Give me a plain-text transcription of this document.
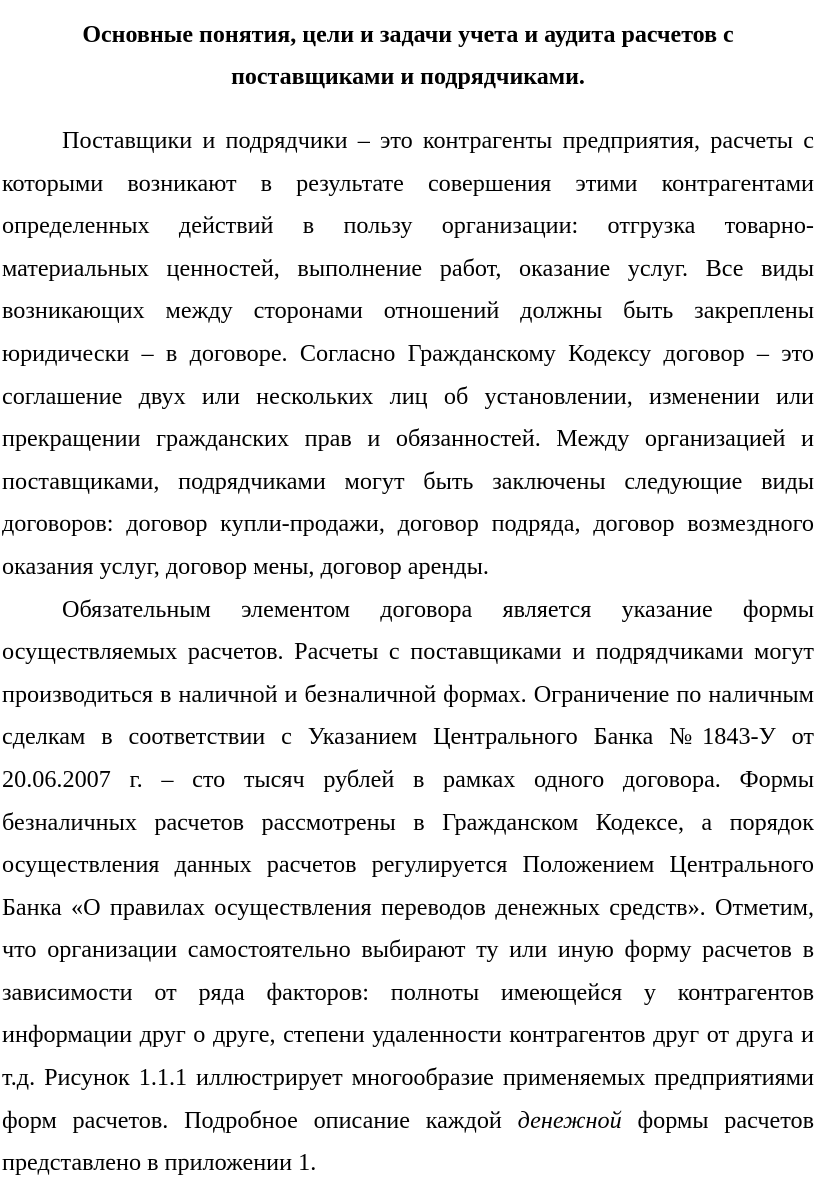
Основные понятия, цели и задачи учета и аудита расчетов с
поставщиками и подрядчиками.

Поставщики и подрядчики – это контрагенты предприятия, расчеты с которыми возникают в результате совершения этими контрагентами определенных действий в пользу организации: отгрузка товарно-материальных ценностей, выполнение работ, оказание услуг. Все виды возникающих между сторонами отношений должны быть закреплены юридически – в договоре. Согласно Гражданскому Кодексу договор – это соглашение двух или нескольких лиц об установлении, изменении или прекращении гражданских прав и обязанностей. Между организацией и поставщиками, подрядчиками могут быть заключены следующие виды договоров: договор купли-продажи, договор подряда, договор возмездного оказания услуг, договор мены, договор аренды.

Обязательным элементом договора является указание формы осуществляемых расчетов. Расчеты с поставщиками и подрядчиками могут производиться в наличной и безналичной формах. Ограничение по наличным сделкам в соответствии с Указанием Центрального Банка №1843-У от 20.06.2007 г. – сто тысяч рублей в рамках одного договора. Формы безналичных расчетов рассмотрены в Гражданском Кодексе, а порядок осуществления данных расчетов регулируется Положением Центрального Банка «О правилах осуществления переводов денежных средств». Отметим, что организации самостоятельно выбирают ту или иную форму расчетов в зависимости от ряда факторов: полноты имеющейся у контрагентов информации друг о друге, степени удаленности контрагентов друг от друга и т.д. Рисунок 1.1.1 иллюстрирует многообразие применяемых предприятиями форм расчетов. Подробное описание каждой денежной формы расчетов представлено в приложении 1.
